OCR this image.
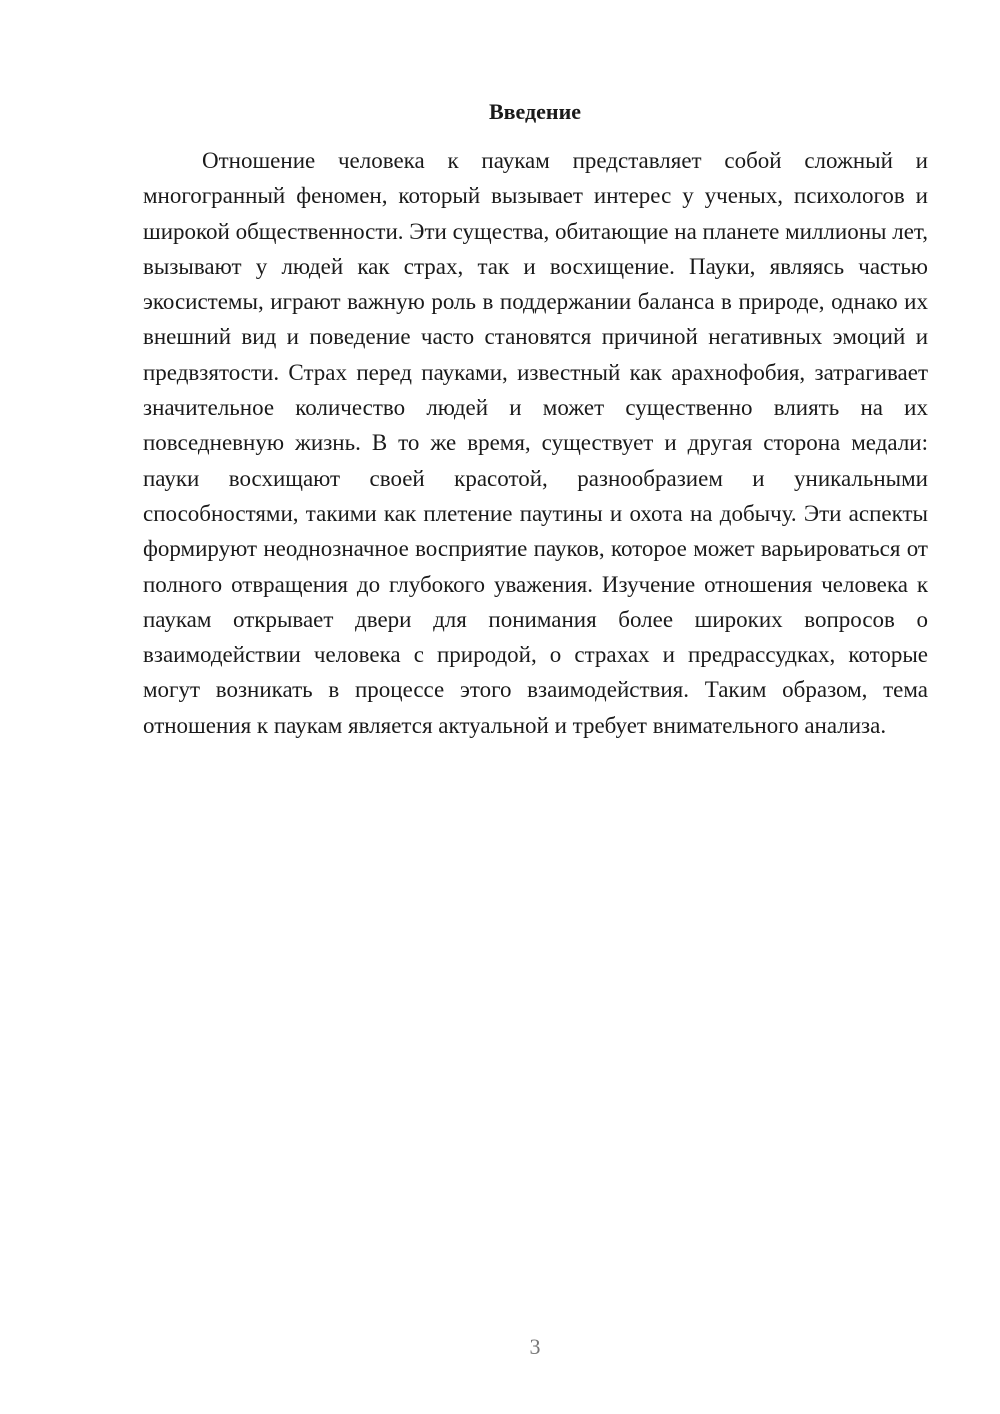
Введение

Отношение человека к паукам представляет собой сложный и многогранный феномен, который вызывает интерес у ученых, психологов и широкой общественности. Эти существа, обитающие на планете миллионы лет, вызывают у людей как страх, так и восхищение. Пауки, являясь частью экосистемы, играют важную роль в поддержании баланса в природе, однако их внешний вид и поведение часто становятся причиной негативных эмоций и предвзятости. Страх перед пауками, известный как арахнофобия, затрагивает значительное количество людей и может существенно влиять на их повседневную жизнь. В то же время, существует и другая сторона медали: пауки восхищают своей красотой, разнообразием и уникальными способностями, такими как плетение паутины и охота на добычу. Эти аспекты формируют неоднозначное восприятие пауков, которое может варьироваться от полного отвращения до глубокого уважения. Изучение отношения человека к паукам открывает двери для понимания более широких вопросов о взаимодействии человека с природой, о страхах и предрассудках, которые могут возникать в процессе этого взаимодействия. Таким образом, тема отношения к паукам является актуальной и требует внимательного анализа.

3
